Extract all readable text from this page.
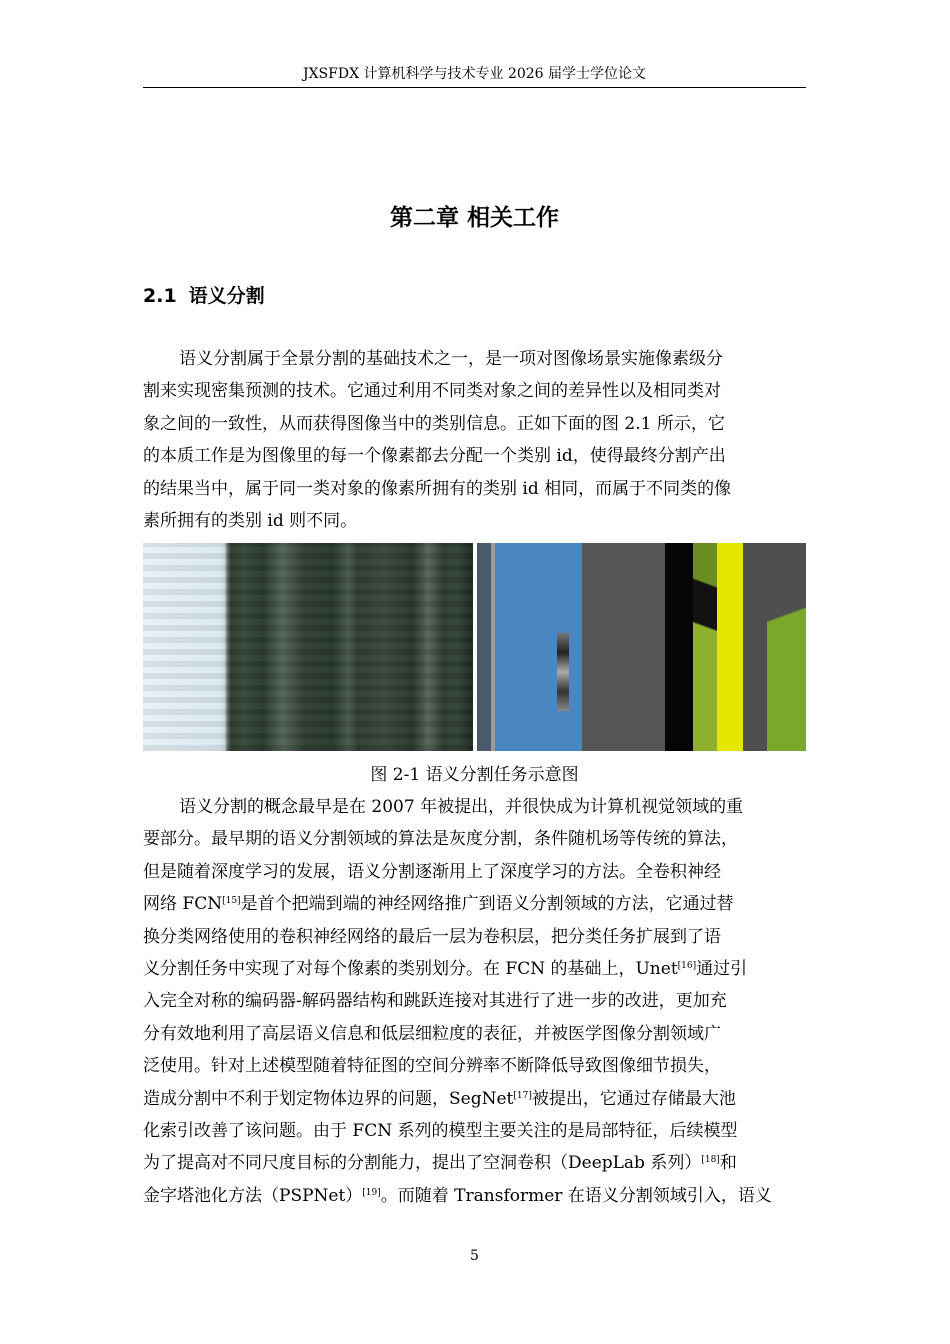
JXSFDX 计算机科学与技术专业 2026 届学士学位论文
第二章 相关工作
2.1 语义分割
语义分割属于全景分割的基础技术之一，是一项对图像场景实施像素级分
割来实现密集预测的技术。它通过利用不同类对象之间的差异性以及相同类对
象之间的一致性，从而获得图像当中的类别信息。正如下面的图 2.1 所示，它
的本质工作是为图像里的每一个像素都去分配一个类别 id，使得最终分割产出
的结果当中，属于同一类对象的像素所拥有的类别 id 相同，而属于不同类的像
素所拥有的类别 id 则不同。
图 2-1 语义分割任务示意图
语义分割的概念最早是在 2007 年被提出，并很快成为计算机视觉领域的重
要部分。最早期的语义分割领域的算法是灰度分割，条件随机场等传统的算法，
但是随着深度学习的发展，语义分割逐渐用上了深度学习的方法。全卷积神经
网络 FCN[15]是首个把端到端的神经网络推广到语义分割领域的方法，它通过替
换分类网络使用的卷积神经网络的最后一层为卷积层，把分类任务扩展到了语
义分割任务中实现了对每个像素的类别划分。在 FCN 的基础上，Unet[16]通过引
入完全对称的编码器-解码器结构和跳跃连接对其进行了进一步的改进，更加充
分有效地利用了高层语义信息和低层细粒度的表征，并被医学图像分割领域广
泛使用。针对上述模型随着特征图的空间分辨率不断降低导致图像细节损失，
造成分割中不利于划定物体边界的问题，SegNet[17]被提出，它通过存储最大池
化索引改善了该问题。由于 FCN 系列的模型主要关注的是局部特征，后续模型
为了提高对不同尺度目标的分割能力，提出了空洞卷积（DeepLab 系列）[18]和
金字塔池化方法（PSPNet）[19]。而随着 Transformer 在语义分割领域引入，语义
5
